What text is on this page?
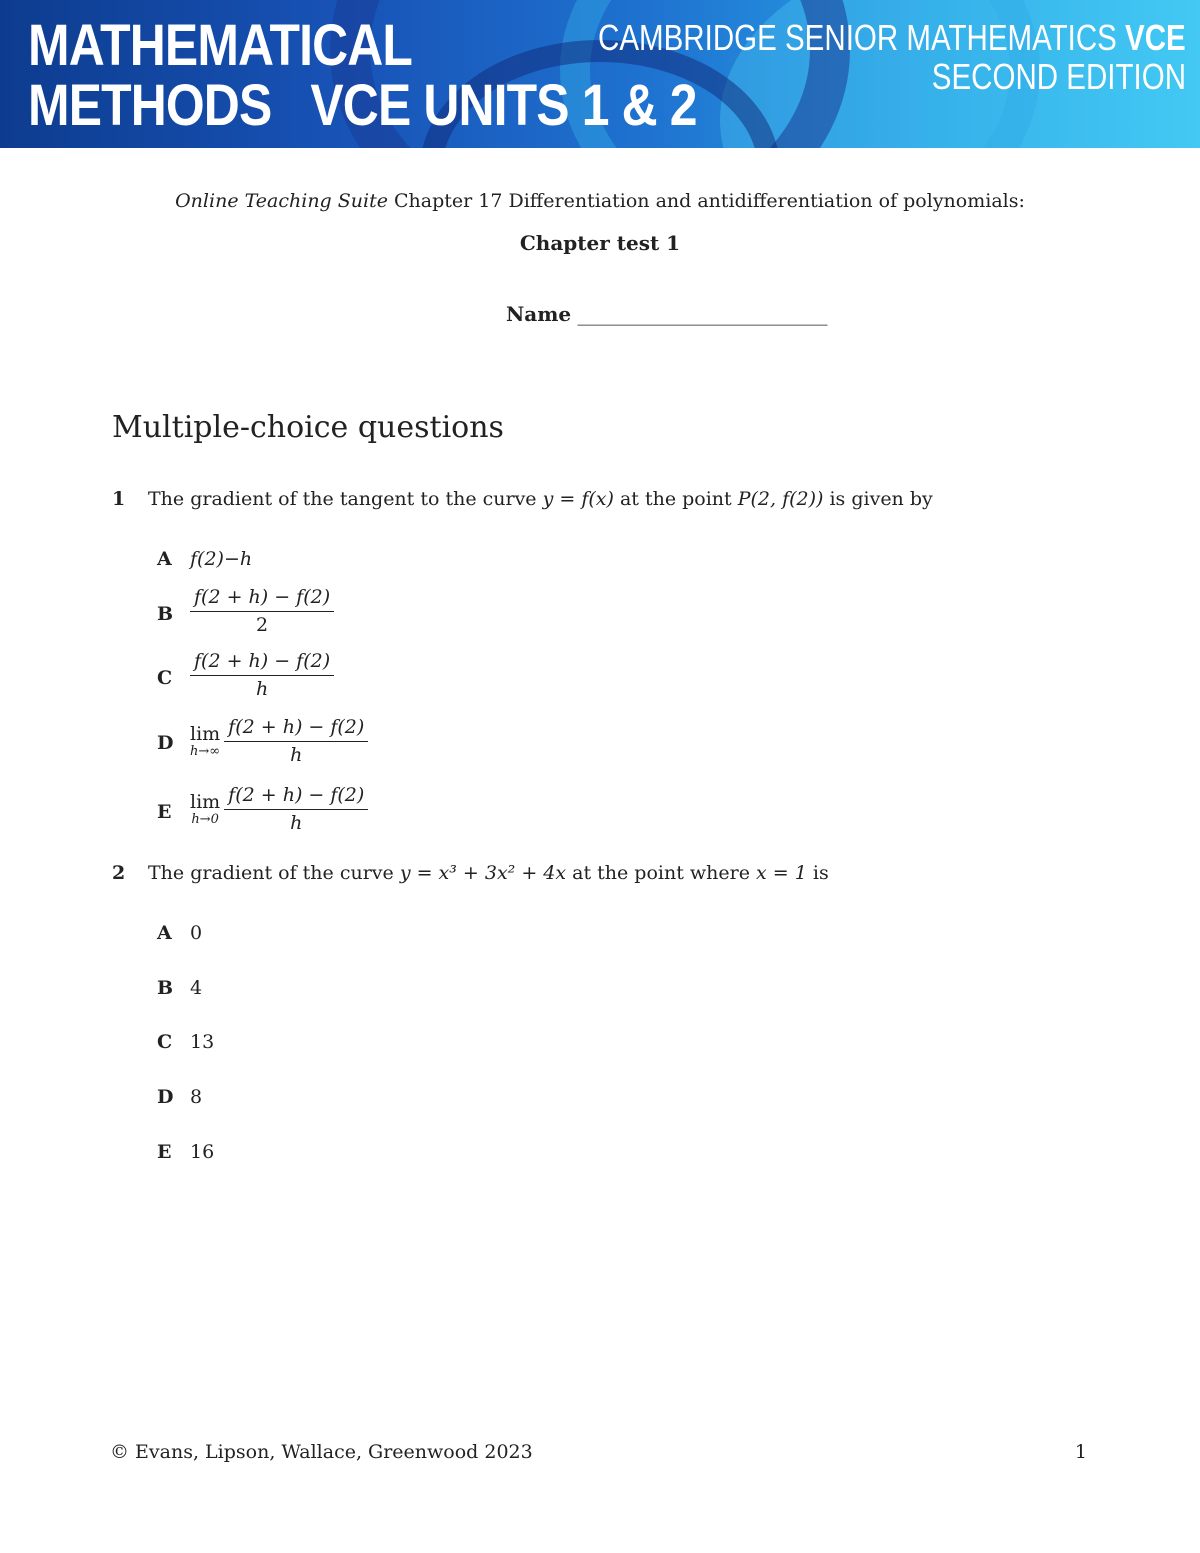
MATHEMATICAL
METHODS   VCE UNITS 1 & 2
CAMBRIDGE SENIOR MATHEMATICS VCE
SECOND EDITION
Online Teaching Suite Chapter 17 Differentiation and antidifferentiation of polynomials:
Chapter test 1
Name _________________________
Multiple-choice questions
1 The gradient of the tangent to the curve y = f(x) at the point P(2, f(2)) is given by
A f(2)−h
B $\frac{f(2 + h) - f(2)}{2}$
C $\frac{f(2 + h) - f(2)}{h}$
D lim
$h\to\infty \frac{f(2 + h) - f(2)}{h}$
E lim
$h\to 0 \frac{f(2 + h) - f(2)}{h}$
2 The gradient of the curve y = x³ + 3x² + 4x at the point where x = 1 is
A 0
B 4
C 13
D 8
E 16
© Evans, Lipson, Wallace, Greenwood 2023	1
